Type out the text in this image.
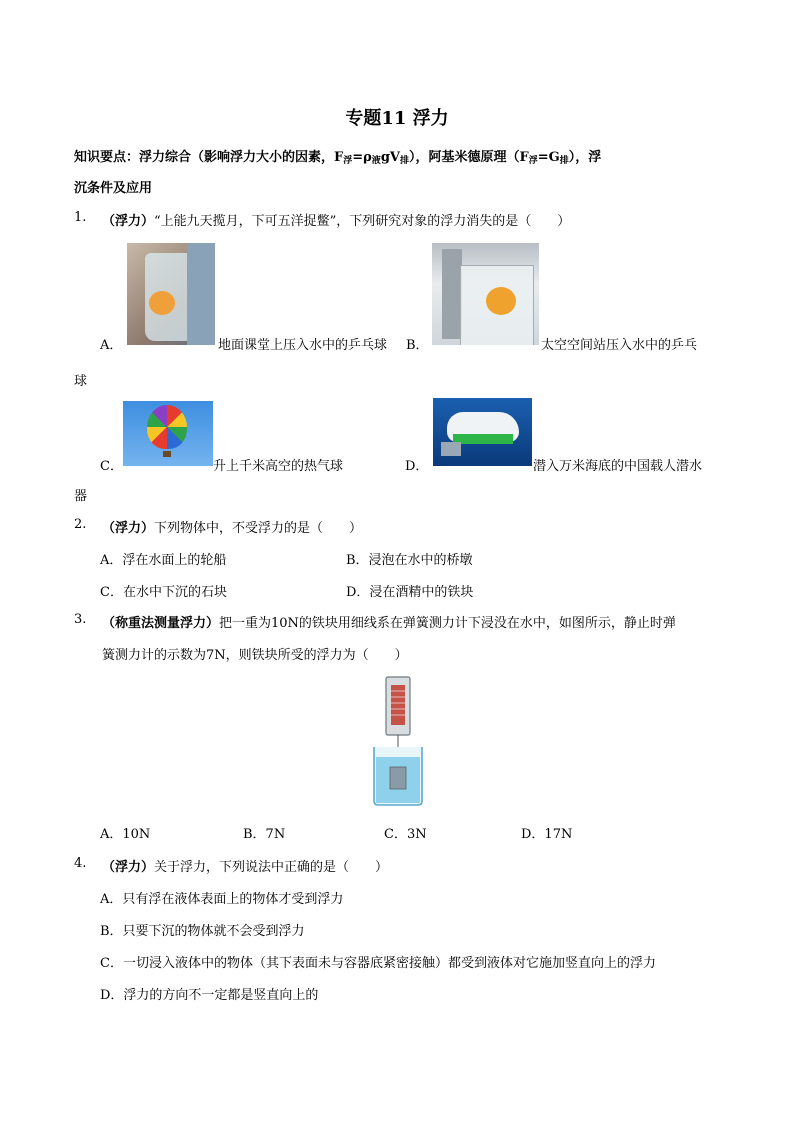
专题11 浮力
知识要点：浮力综合（影响浮力大小的因素，$F_浮=\rho_液gV_排$），阿基米德原理$(F_浮=G_排)$，浮
沉条件及应用
1. （浮力）“上能九天揽月，下可五洋捉鳖”，下列研究对象的浮力消失的是（　　）
A．	地面课堂上压入水中的乒乓球 B．	太空空间站压入水中的乒乓
球
C．	升上千米高空的热气球	D．	潜入万米海底的中国载人潜水
器
2. （浮力）下列物体中，不受浮力的是（　　）
A．浮在水面上的轮船	B．浸泡在水中的桥墩
C．在水中下沉的石块	D．浸在酒精中的铁块
3. （称重法测量浮力）把一重为10N的铁块用细线系在弹簧测力计下浸没在水中，如图所示，静止时弹
簧测力计的示数为7N，则铁块所受的浮力为（　　）
A．10N	B．7N	C．3N	D．17N
4. （浮力）关于浮力，下列说法中正确的是（　　）
A．只有浮在液体表面上的物体才受到浮力
B．只要下沉的物体就不会受到浮力
C．一切浸入液体中的物体（其下表面未与容器底紧密接触）都受到液体对它施加竖直向上的浮力
D．浮力的方向不一定都是竖直向上的
